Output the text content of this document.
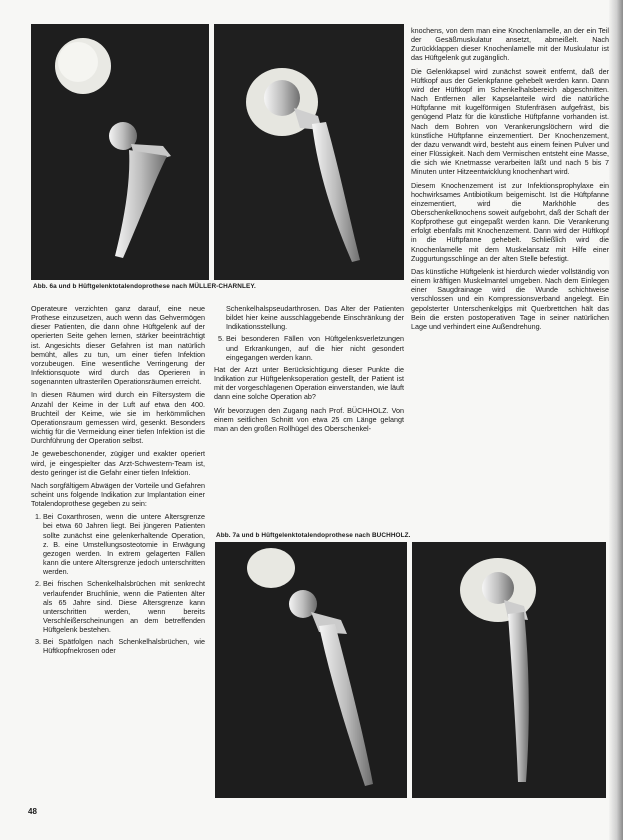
Abb. 6a und b Hüftgelenktotalendoprothese nach MÜLLER-CHARNLEY.

knochens, von dem man eine Knochenlamelle, an der ein Teil der Gesäßmuskulatur ansetzt, abmeißelt. Nach Zurückklappen dieser Knochenlamelle mit der Muskulatur ist das Hüftgelenk gut zugänglich.

Die Gelenkkapsel wird zunächst soweit entfernt, daß der Hüftkopf aus der Gelenkpfanne gehebelt werden kann. Dann wird der Hüftkopf im Schenkelhalsbereich abgeschnitten. Nach Entfernen aller Kapselanteile wird die natürliche Hüftpfanne mit kugelförmigen Stufenfräsen aufgefräst, bis genügend Platz für die künstliche Hüftpfanne vorhanden ist. Nach dem Bohren von Verankerungslöchern wird die künstliche Hüftpfanne einzementiert. Der Knochenzement, der dazu verwandt wird, besteht aus einem feinen Pulver und einer Flüssigkeit. Nach dem Vermischen entsteht eine Masse, die sich wie Knetmasse verarbeiten läßt und nach 5 bis 7 Minuten unter Hitzeentwicklung knochenhart wird.

Diesem Knochenzement ist zur Infektionsprophylaxe ein hochwirksames Antibiotikum beigemischt. Ist die Hüftpfanne einzementiert, wird die Markhöhle des Oberschenkelknochens soweit aufgebohrt, daß der Schaft der Kopfprothese gut eingepaßt werden kann. Die Verankerung erfolgt ebenfalls mit Knochenzement. Dann wird der Hüftkopf in die Hüftpfanne gehebelt. Schließlich wird die Knochenlamelle mit dem Muskelansatz mit Hilfe einer Zuggurtungsschlinge an der alten Stelle befestigt.

Das künstliche Hüftgelenk ist hierdurch wieder vollständig von einem kräftigen Muskelmantel umgeben. Nach dem Einlegen einer Saugdrainage wird die Wunde schichtweise verschlossen und ein Kompressionsverband angelegt. Ein gepolsterter Unterschenkelgips mit Querbrettchen hält das Bein die ersten postoperativen Tage in seiner natürlichen Lage und verhindert eine Außendrehung.

Operateure verzichten ganz darauf, eine neue Prothese einzusetzen, auch wenn das Gehvermögen dieser Patienten, die dann ohne Hüftgelenk auf der operierten Seite gehen lernen, stärker beeinträchtigt ist. Angesichts dieser Gefahren ist man natürlich bemüht, alles zu tun, um einer tiefen Infektion vorzubeugen. Eine wesentliche Verringerung der Infektionsquote wird durch das Operieren in sogenannten ultrasterilen Operationsräumen erreicht.

In diesen Räumen wird durch ein Filtersystem die Anzahl der Keime in der Luft auf etwa den 400. Bruchteil der Keime, wie sie im herkömmlichen Operationsraum gemessen wird, gesenkt. Besonders wichtig für die Vermeidung einer tiefen Infektion ist die Durchführung der Operation selbst.

Je gewebeschonender, zügiger und exakter operiert wird, je eingespielter das Arzt-Schwestern-Team ist, desto geringer ist die Gefahr einer tiefen Infektion.

Nach sorgfältigem Abwägen der Vorteile und Gefahren scheint uns folgende Indikation zur Implantation einer Totalendoprothese gegeben zu sein:

1. Bei Coxarthrosen, wenn die untere Altersgrenze bei etwa 60 Jahren liegt. Bei jüngeren Patienten sollte zunächst eine gelenkerhaltende Operation, z. B. eine Umstellungsosteotomie in Erwägung gezogen werden. In extrem gelagerten Fällen kann die untere Altersgrenze jedoch unterschritten werden.
2. Bei frischen Schenkelhalsbrüchen mit senkrecht verlaufender Bruchlinie, wenn die Patienten älter als 65 Jahre sind. Diese Altersgrenze kann unterschritten werden, wenn bereits Verschleißerscheinungen an dem betreffenden Hüftgelenk bestehen.
3. Bei Spätfolgen nach Schenkelhalsbrüchen, wie Hüftkopfnekrosen oder
Schenkelhalspseudarthrosen. Das Alter der Patienten bildet hier keine ausschlaggebende Einschränkung der Indikationsstellung.
5. Bei besonderen Fällen von Hüftgelenksverletzungen und Erkrankungen, auf die hier nicht gesondert eingegangen werden kann.

Hat der Arzt unter Berücksichtigung dieser Punkte die Indikation zur Hüftgelenksoperation gestellt, der Patient ist mit der vorgeschlagenen Operation einverstanden, wie läuft dann eine solche Operation ab?

Wir bevorzugen den Zugang nach Prof. BÜCHHOLZ. Von einem seitlichen Schnitt von etwa 25 cm Länge gelangt man an den großen Rollhügel des Oberschenkel-

Abb. 7a und b Hüftgelenktotalendoprothese nach BUCHHOLZ.
48
